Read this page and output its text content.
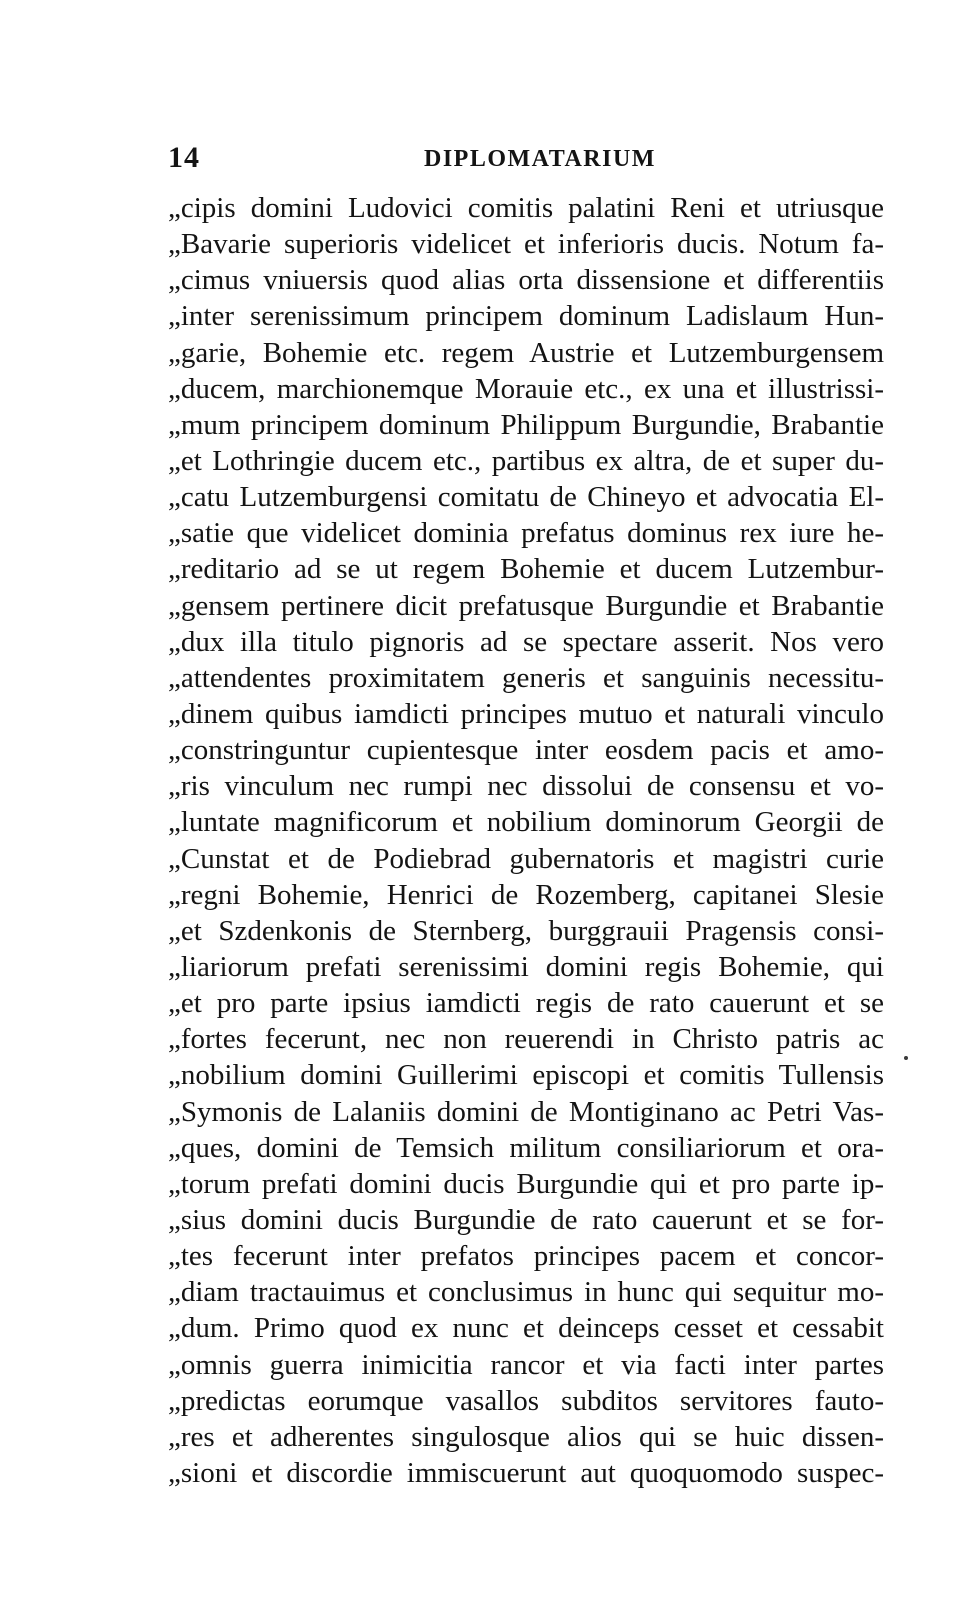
14	DIPLOMATARIUM
„cipis domini Ludovici comitis palatini Reni et utriusque
„Bavarie superioris videlicet et inferioris ducis. Notum fa-
„cimus vniuersis quod alias orta dissensione et differentiis
„inter serenissimum principem dominum Ladislaum Hun-
„garie, Bohemie etc. regem Austrie et Lutzemburgensem
„ducem, marchionemque Morauie etc., ex una et illustrissi-
„mum principem dominum Philippum Burgundie, Brabantie
„et Lothringie ducem etc., partibus ex altra, de et super du-
„catu Lutzemburgensi comitatu de Chineyo et advocatia El-
„satie que videlicet dominia prefatus dominus rex iure he-
„reditario ad se ut regem Bohemie et ducem Lutzembur-
„gensem pertinere dicit prefatusque Burgundie et Brabantie
„dux illa titulo pignoris ad se spectare asserit. Nos vero
„attendentes proximitatem generis et sanguinis necessitu-
„dinem quibus iamdicti principes mutuo et naturali vinculo
„constringuntur cupientesque inter eosdem pacis et amo-
„ris vinculum nec rumpi nec dissolui de consensu et vo-
„luntate magnificorum et nobilium dominorum Georgii de
„Cunstat et de Podiebrad gubernatoris et magistri curie
„regni Bohemie, Henrici de Rozemberg, capitanei Slesie
„et Szdenkonis de Sternberg, burggrauii Pragensis consi-
„liariorum prefati serenissimi domini regis Bohemie, qui
„et pro parte ipsius iamdicti regis de rato cauerunt et se
„fortes fecerunt, nec non reuerendi in Christo patris ac
„nobilium domini Guillerimi episcopi et comitis Tullensis
„Symonis de Lalaniis domini de Montiginano ac Petri Vas-
„ques, domini de Temsich militum consiliariorum et ora-
„torum prefati domini ducis Burgundie qui et pro parte ip-
„sius domini ducis Burgundie de rato cauerunt et se for-
„tes fecerunt inter prefatos principes pacem et concor-
„diam tractauimus et conclusimus in hunc qui sequitur mo-
„dum. Primo quod ex nunc et deinceps cesset et cessabit
„omnis guerra inimicitia rancor et via facti inter partes
„predictas eorumque vasallos subditos servitores fauto-
„res et adherentes singulosque alios qui se huic dissen-
„sioni et discordie immiscuerunt aut quoquomodo suspec-
